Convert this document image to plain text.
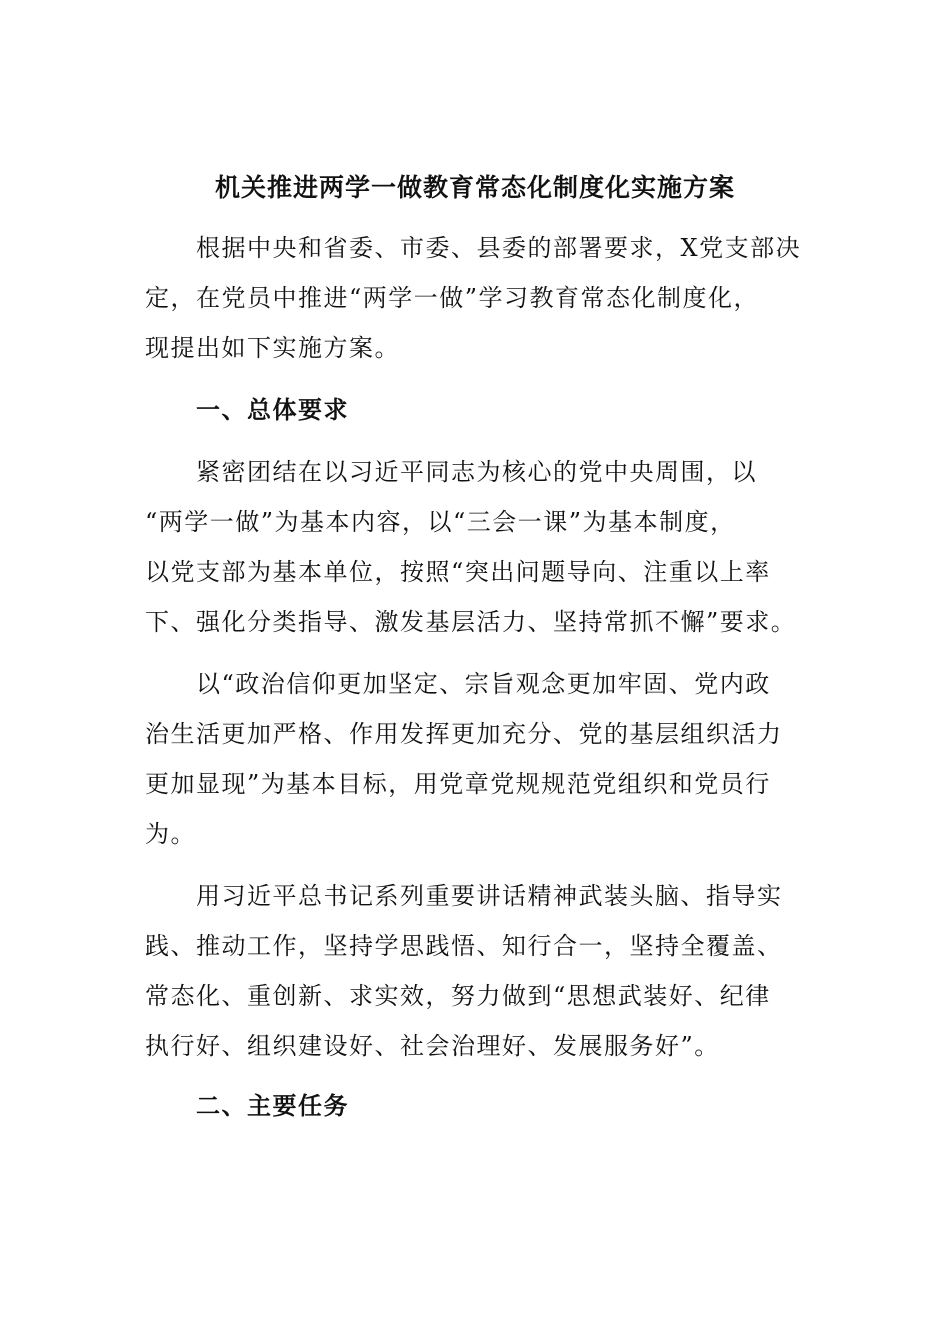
机关推进两学一做教育常态化制度化实施方案
根据中央和省委、市委、县委的部署要求，X党支部决
定，在党员中推进“两学一做”学习教育常态化制度化，
现提出如下实施方案。
一、总体要求
紧密团结在以习近平同志为核心的党中央周围，以
“两学一做”为基本内容，以“三会一课”为基本制度，
以党支部为基本单位，按照“突出问题导向、注重以上率
下、强化分类指导、激发基层活力、坚持常抓不懈”要求。
以“政治信仰更加坚定、宗旨观念更加牢固、党内政
治生活更加严格、作用发挥更加充分、党的基层组织活力
更加显现”为基本目标，用党章党规规范党组织和党员行
为。
用习近平总书记系列重要讲话精神武装头脑、指导实
践、推动工作，坚持学思践悟、知行合一，坚持全覆盖、
常态化、重创新、求实效，努力做到“思想武装好、纪律
执行好、组织建设好、社会治理好、发展服务好”。
二、主要任务
